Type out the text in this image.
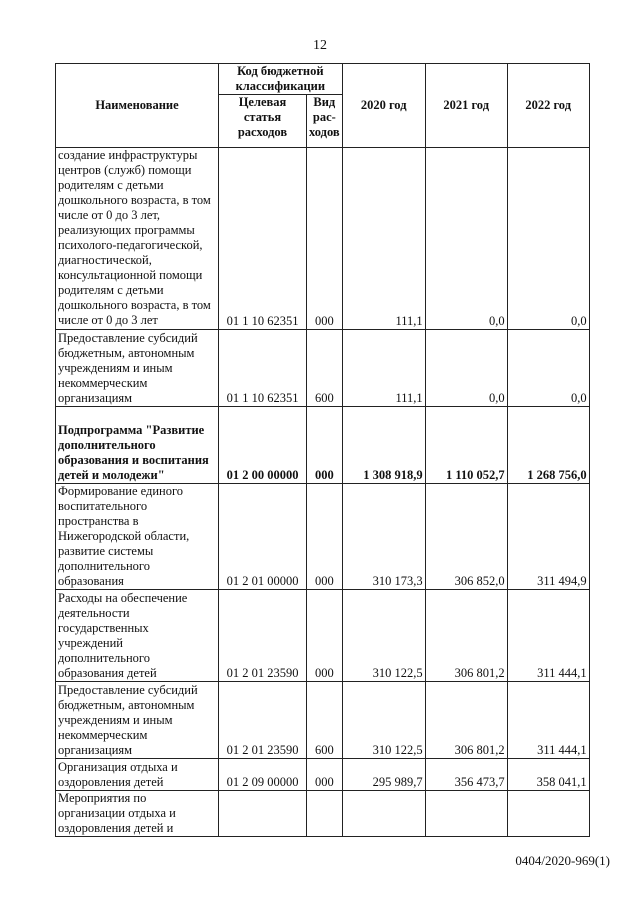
12
Наименование	Код бюджетной классификации		2020 год	2021 год	2022 год
	Целевая статья расходов	Вид рас-ходов			
создание инфраструктуры центров (служб) помощи родителям с детьми дошкольного возраста, в том числе от 0 до 3 лет, реализующих программы психолого-педагогической, диагностической, консультационной помощи родителям с детьми дошкольного возраста, в том числе от 0 до 3 лет	01 1 10 62351	000	111,1	0,0	0,0
Предоставление субсидий бюджетным, автономным учреждениям и иным некоммерческим организациям	01 1 10 62351	600	111,1	0,0	0,0
Подпрограмма "Развитие дополнительного образования и воспитания детей и молодежи"	01 2 00 00000	000	1 308 918,9	1 110 052,7	1 268 756,0
Формирование единого воспитательного пространства в Нижегородской области, развитие системы дополнительного образования	01 2 01 00000	000	310 173,3	306 852,0	311 494,9
Расходы на обеспечение деятельности государственных учреждений дополнительного образования детей	01 2 01 23590	000	310 122,5	306 801,2	311 444,1
Предоставление субсидий бюджетным, автономным учреждениям и иным некоммерческим организациям	01 2 01 23590	600	310 122,5	306 801,2	311 444,1
Организация отдыха и оздоровления детей	01 2 09 00000	000	295 989,7	356 473,7	358 041,1
Мероприятия по организации отдыха и оздоровления детей и					
0404/2020-969(1)
